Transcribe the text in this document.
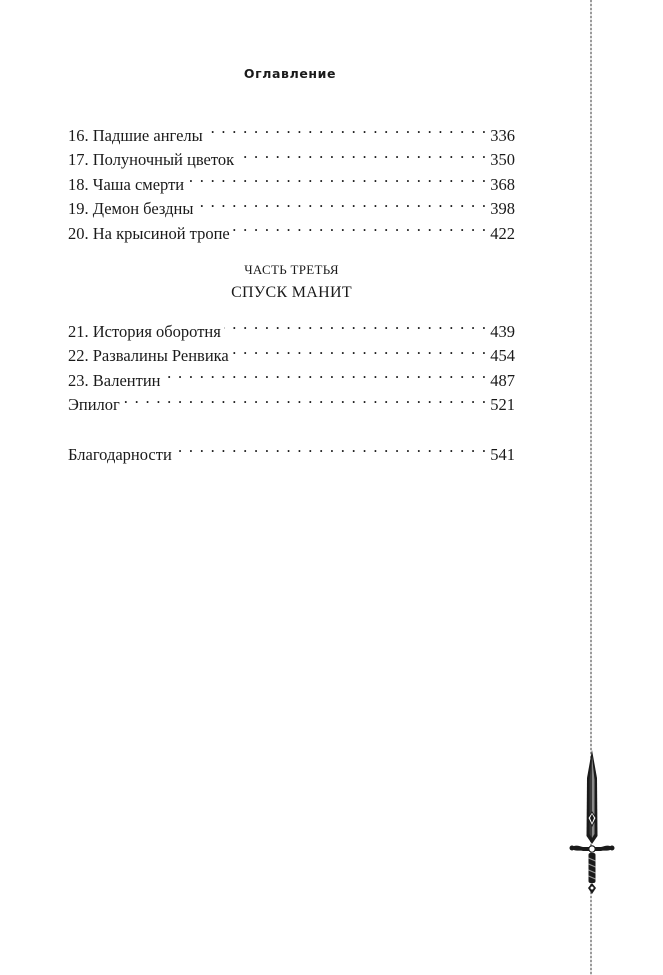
Оглавление
16. Падшие ангелы . . .	336
17. Полуночный цветок . . .	350
18. Чаша смерти . . .	368
19. Демон бездны . . .	398
20. На крысиной тропе . . .	422
ЧАСТЬ ТРЕТЬЯ
СПУСК МАНИТ
21. История оборотня . . .	439
22. Развалины Ренвика . . .	454
23. Валентин . . .	487
Эпилог . . .	521
Благодарности . . .	541
